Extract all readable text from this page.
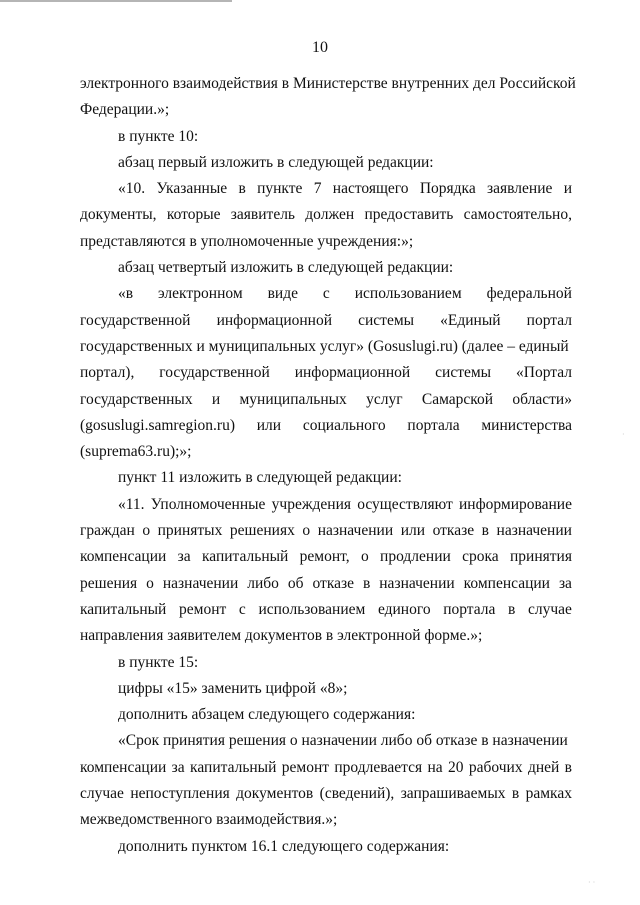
10
электронного взаимодействия в Министерстве внутренних дел Российской
Федерации.»;
в пункте 10:
абзац первый изложить в следующей редакции:
«10. Указанные в пункте 7 настоящего Порядка заявление и
документы, которые заявитель должен предоставить самостоятельно,
представляются в уполномоченные учреждения:»;
абзац четвертый изложить в следующей редакции:
«в электронном виде с использованием федеральной
государственной информационной системы «Единый портал
государственных и муниципальных услуг» (Gosuslugi.ru) (далее – единый
портал), государственной информационной системы «Портал
государственных и муниципальных услуг Самарской области»
(gosuslugi.samregion.ru) или социального портала министерства
(suprema63.ru);»;
пункт 11 изложить в следующей редакции:
«11. Уполномоченные учреждения осуществляют информирование
граждан о принятых решениях о назначении или отказе в назначении
компенсации за капитальный ремонт, о продлении срока принятия
решения о назначении либо об отказе в назначении компенсации за
капитальный ремонт с использованием единого портала в случае
направления заявителем документов в электронной форме.»;
в пункте 15:
цифры «15» заменить цифрой «8»;
дополнить абзацем следующего содержания:
«Срок принятия решения о назначении либо об отказе в назначении
компенсации за капитальный ремонт продлевается на 20 рабочих дней в
случае непоступления документов (сведений), запрашиваемых в рамках
межведомственного взаимодействия.»;
дополнить пунктом 16.1 следующего содержания:
·
· ·
